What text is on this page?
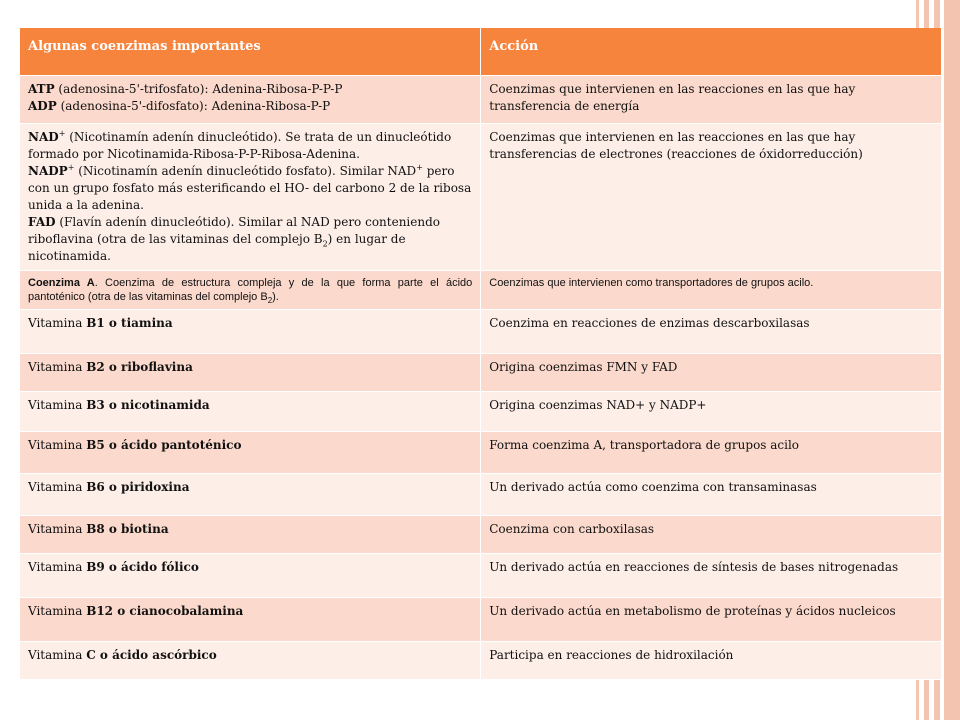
Algunas coenzimas importantes	Acción
ATP (adenosina-5'-trifosfato): Adenina-Ribosa-P-P-P
ADP (adenosina-5'-difosfato): Adenina-Ribosa-P-P	Coenzimas que intervienen en las reacciones en las que hay transferencia de energía
NAD+ (Nicotinamín adenín dinucleótido). Se trata de un dinucleótido formado por Nicotinamida-Ribosa-P-P-Ribosa-Adenina.
NADP+ (Nicotinamín adenín dinucleótido fosfato). Similar NAD+ pero con un grupo fosfato más esterificando el HO- del carbono 2 de la ribosa unida a la adenina.
FAD (Flavín adenín dinucleótido). Similar al NAD pero conteniendo riboflavina (otra de las vitaminas del complejo $B_2$) en lugar de nicotinamida.	Coenzimas que intervienen en las reacciones en las que hay transferencias de electrones (reacciones de óxidorreducción)
Coenzima A. Coenzima de estructura compleja y de la que forma parte el ácido pantoténico (otra de las vitaminas del complejo $B_2$).	Coenzimas que intervienen como transportadores de grupos acilo.
Vitamina B1 o tiamina	Coenzima en reacciones de enzimas descarboxilasas
Vitamina B2 o riboflavina	Origina coenzimas FMN y FAD
Vitamina B3 o nicotinamida	Origina coenzimas NAD+ y NADP+
Vitamina B5 o ácido pantoténico	Forma coenzima A, transportadora de grupos acilo
Vitamina B6 o piridoxina	Un derivado actúa como coenzima con transaminasas
Vitamina B8 o biotina	Coenzima con carboxilasas
Vitamina B9 o ácido fólico	Un derivado actúa en reacciones de síntesis de bases nitrogenadas
Vitamina B12 o cianocobalamina	Un derivado actúa en metabolismo de proteínas y ácidos nucleicos
Vitamina C o ácido ascórbico	Participa en reacciones de hidroxilación
